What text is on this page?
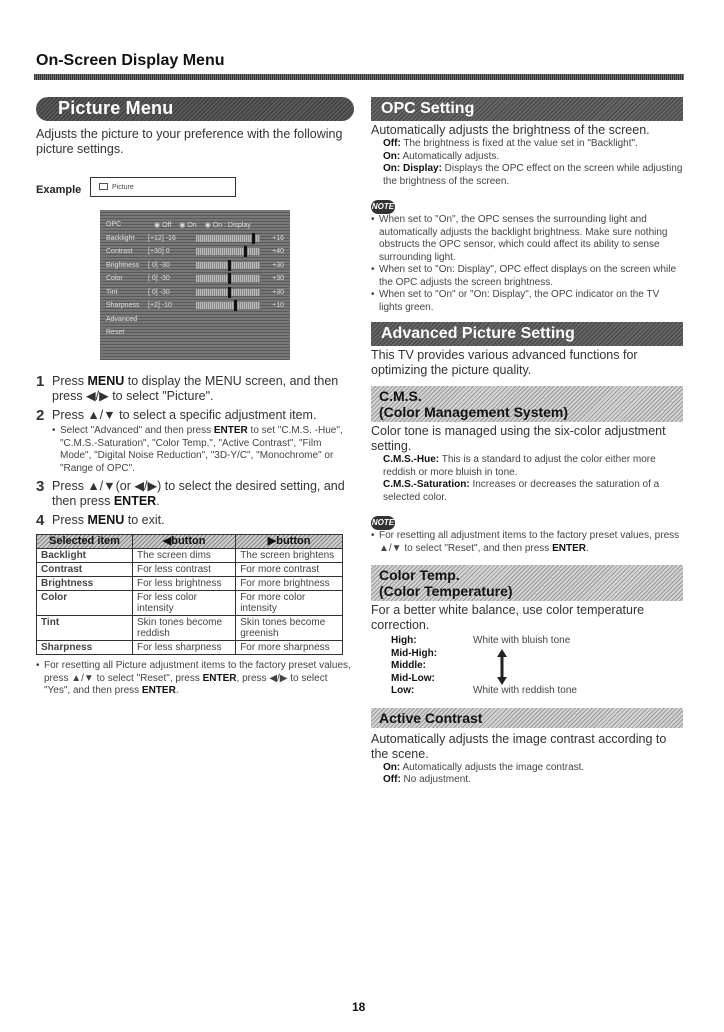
On-Screen Display Menu
Picture Menu
Adjusts the picture to your preference with the following picture settings.
Example	Picture
OPC	◉ Off ◉ On ◉ On : Display
Backlight	[+12] -16	+16
Contrast	[+30] 0	+40
Brightness	[ 0] -30	+30
Color	[ 0] -30	+30
Tint	[ 0] -30	+30
Sharpness	[+2] -10	+10
Advanced
Reset
1 Press MENU to display the MENU screen, and then press ◀/▶ to select "Picture".
2 Press ▲/▼ to select a specific adjustment item.
• Select "Advanced" and then press ENTER to set "C.M.S. -Hue", "C.M.S.-Saturation", "Color Temp.", "Active Contrast", "Film Mode", "Digital Noise Reduction", "3D-Y/C", "Monochrome" or "Range of OPC".
3 Press ▲/▼(or ◀/▶) to select the desired setting, and then press ENTER.
4 Press MENU to exit.
Selected item	◀button	▶button
Backlight	The screen dims	The screen brightens
Contrast	For less contrast	For more contrast
Brightness	For less brightness	For more brightness
Color	For less color intensity	For more color intensity
Tint	Skin tones become reddish	Skin tones become greenish
Sharpness	For less sharpness	For more sharpness
• For resetting all Picture adjustment items to the factory preset values, press ▲/▼ to select "Reset", press ENTER, press ◀/▶ to select "Yes", and then press ENTER.
OPC Setting
Automatically adjusts the brightness of the screen.
Off: The brightness is fixed at the value set in "Backlight".
On: Automatically adjusts.
On: Display: Displays the OPC effect on the screen while adjusting the brightness of the screen.
NOTE
• When set to "On", the OPC senses the surrounding light and automatically adjusts the backlight brightness. Make sure nothing obstructs the OPC sensor, which could affect its ability to sense surrounding light.
• When set to "On: Display", OPC effect displays on the screen while the OPC adjusts the screen brightness.
• When set to "On" or "On: Display", the OPC indicator on the TV lights green.
Advanced Picture Setting
This TV provides various advanced functions for optimizing the picture quality.
C.M.S.
(Color Management System)
Color tone is managed using the six-color adjustment setting.
C.M.S.-Hue: This is a standard to adjust the color either more reddish or more bluish in tone.
C.M.S.-Saturation: Increases or decreases the saturation of a selected color.
NOTE
• For resetting all adjustment items to the factory preset values, press ▲/▼ to select "Reset", and then press ENTER.
Color Temp.
(Color Temperature)
For a better white balance, use color temperature correction.
High:	White with bluish tone
Mid-High:
Middle:
Mid-Low:
Low:	White with reddish tone
Active Contrast
Automatically adjusts the image contrast according to the scene.
On: Automatically adjusts the image contrast.
Off: No adjustment.
18
